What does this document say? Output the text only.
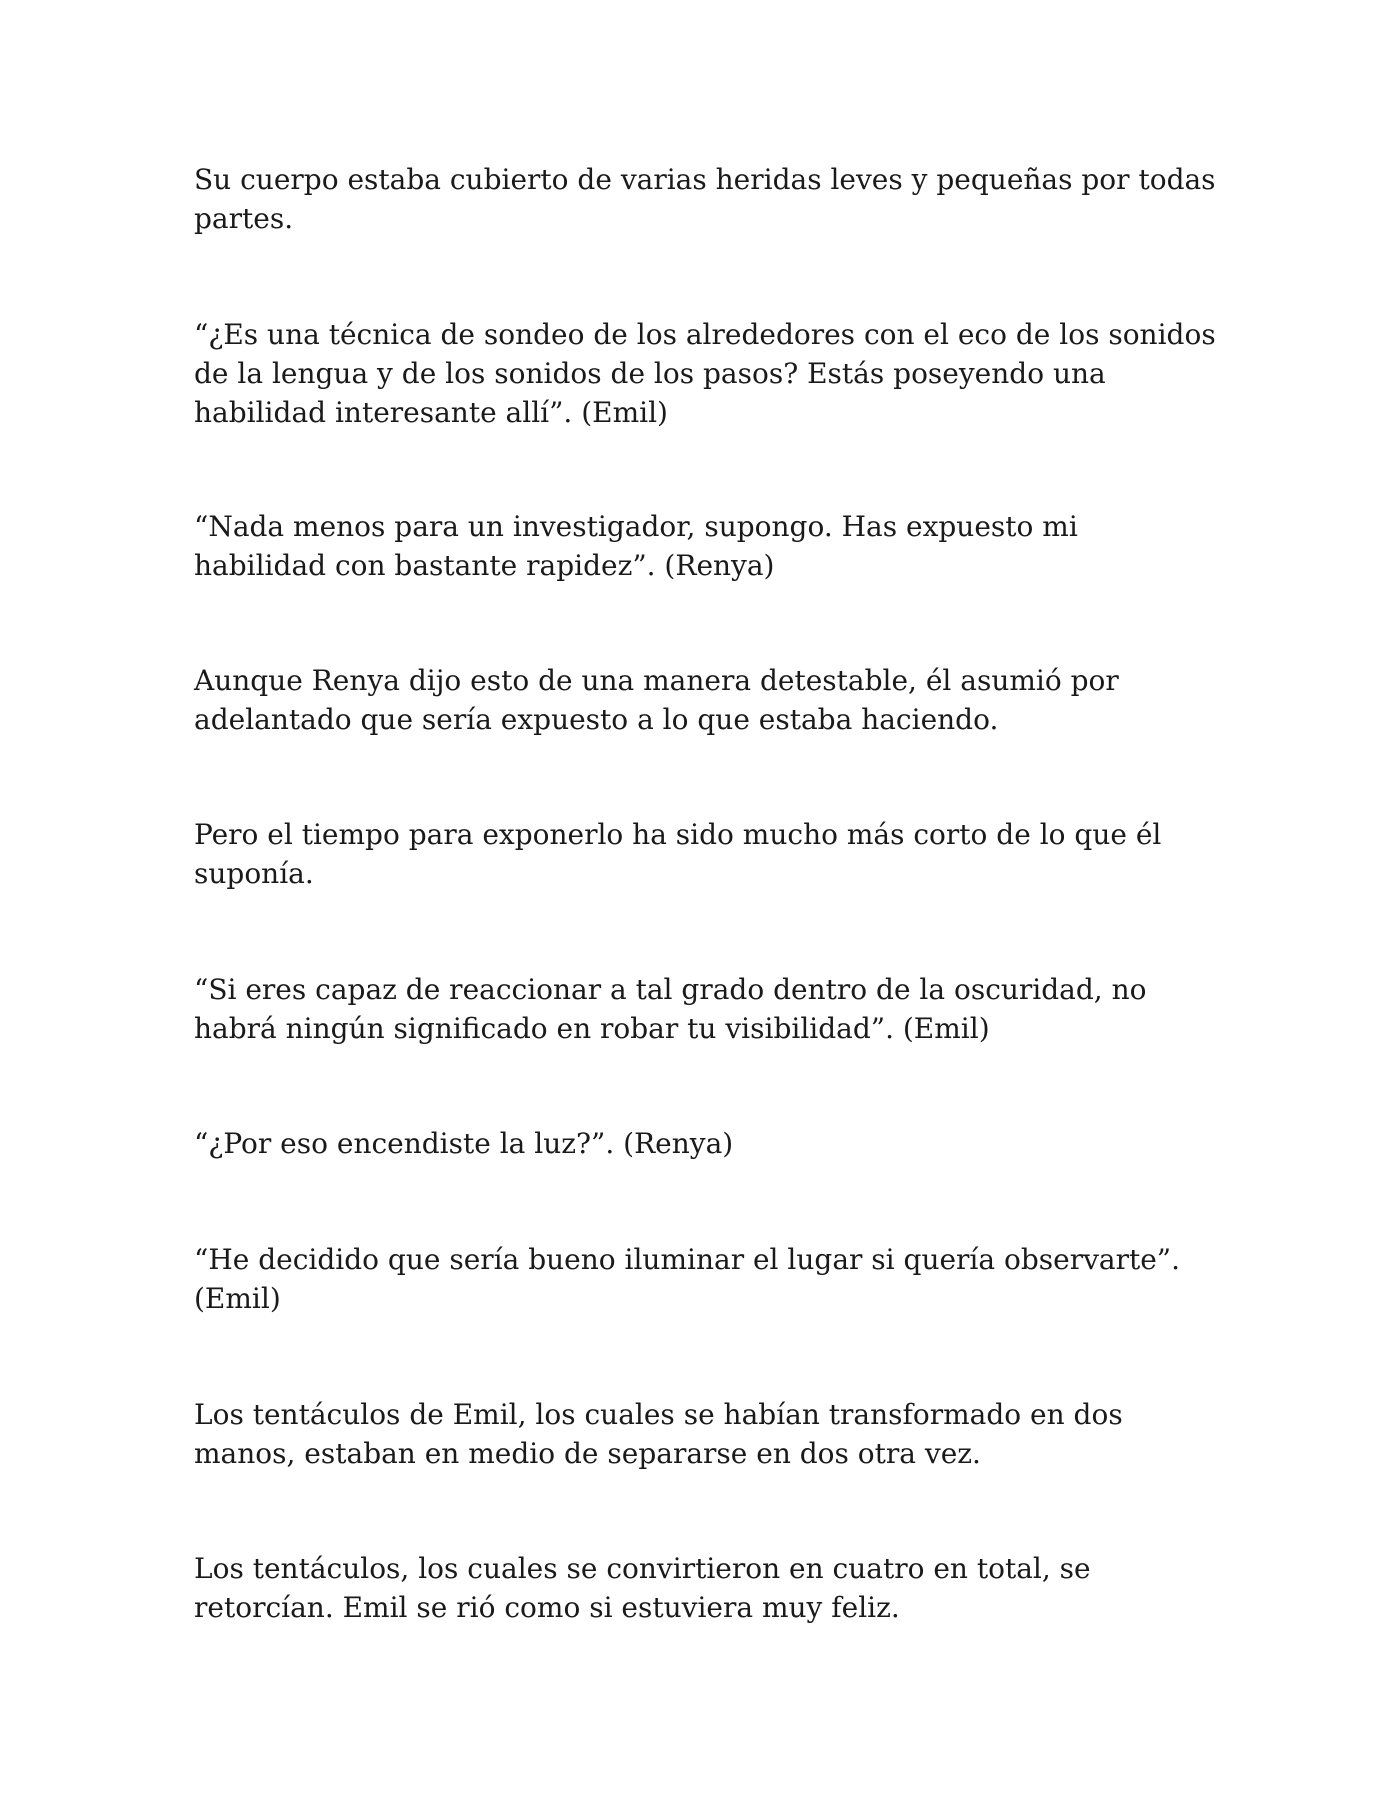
Su cuerpo estaba cubierto de varias heridas leves y pequeñas por todas
partes.

“¿Es una técnica de sondeo de los alrededores con el eco de los sonidos
de la lengua y de los sonidos de los pasos? Estás poseyendo una
habilidad interesante allí”. (Emil)

“Nada menos para un investigador, supongo. Has expuesto mi
habilidad con bastante rapidez”. (Renya)

Aunque Renya dijo esto de una manera detestable, él asumió por
adelantado que sería expuesto a lo que estaba haciendo.

Pero el tiempo para exponerlo ha sido mucho más corto de lo que él
suponía.

“Si eres capaz de reaccionar a tal grado dentro de la oscuridad, no
habrá ningún significado en robar tu visibilidad”. (Emil)

“¿Por eso encendiste la luz?”. (Renya)

“He decidido que sería bueno iluminar el lugar si quería observarte”.
(Emil)

Los tentáculos de Emil, los cuales se habían transformado en dos
manos, estaban en medio de separarse en dos otra vez.

Los tentáculos, los cuales se convirtieron en cuatro en total, se
retorcían. Emil se rió como si estuviera muy feliz.
